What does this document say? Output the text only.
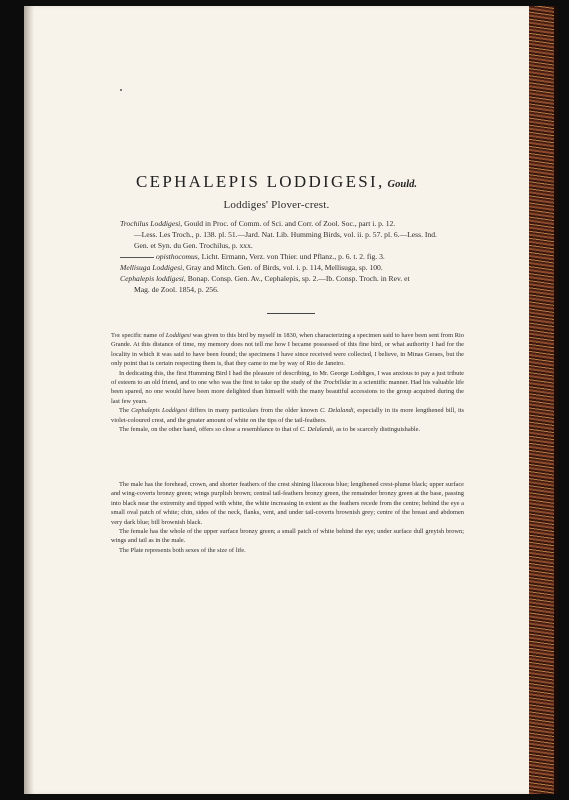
CEPHALEPIS LODDIGESI, Gould.
Loddiges' Plover-crest.
Trochilus Loddigesi, Gould in Proc. of Comm. of Sci. and Corr. of Zool. Soc., part i. p. 12.
—Less. Les Troch., p. 138. pl. 51.—Jard. Nat. Lib. Humming Birds, vol. ii. p. 57. pl. 6.—Less. Ind. Gen. et Syn. du Gen. Trochilus, p. xxx.
opisthocomus, Licht. Ermann, Verz. von Thier. und Pflanz., p. 6. t. 2. fig. 3.
Mellisuga Loddigesi, Gray and Mitch. Gen. of Birds, vol. i. p. 114, Mellisuga, sp. 100.
Cephalepis loddigesi, Bonap. Consp. Gen. Av., Cephalepis, sp. 2.—Ib. Consp. Troch. in Rev. et
Mag. de Zool. 1854, p. 256.

The specific name of Loddigesi was given to this bird by myself in 1830, when characterizing a specimen said to have been sent from Rio Grande. At this distance of time, my memory does not tell me how I became possessed of this fine bird, or what authority I had for the locality in which it was said to have been found; the specimens I have since received were collected, I believe, in Minas Geraes, but the only point that is certain respecting them is, that they came to me by way of Rio de Janeiro.

In dedicating this, the first Humming Bird I had the pleasure of describing, to Mr. George Loddiges, I was anxious to pay a just tribute of esteem to an old friend, and to one who was the first to take up the study of the Trochilidæ in a scientific manner. Had his valuable life been spared, no one would have been more delighted than himself with the many beautiful accessions to the group acquired during the last few years.

The Cephalepis Loddigesi differs in many particulars from the older known C. Delalandi, especially in its more lengthened bill, its violet-coloured crest, and the greater amount of white on the tips of the tail-feathers.

The female, on the other hand, offers so close a resemblance to that of C. Delalandi, as to be scarcely distinguishable.

The male has the forehead, crown, and shorter feathers of the crest shining lilaceous blue; lengthened crest-plume black; upper surface and wing-coverts bronzy green; wings purplish brown; central tail-feathers bronzy green, the remainder bronzy green at the base, passing into black near the extremity and tipped with white, the white increasing in extent as the feathers recede from the centre; behind the eye a small oval patch of white; chin, sides of the neck, flanks, vent, and under tail-coverts brownish grey; centre of the breast and abdomen very dark blue; bill brownish black.

The female has the whole of the upper surface bronzy green; a small patch of white behind the eye; under surface dull greyish brown; wings and tail as in the male.

The Plate represents both sexes of the size of life.
